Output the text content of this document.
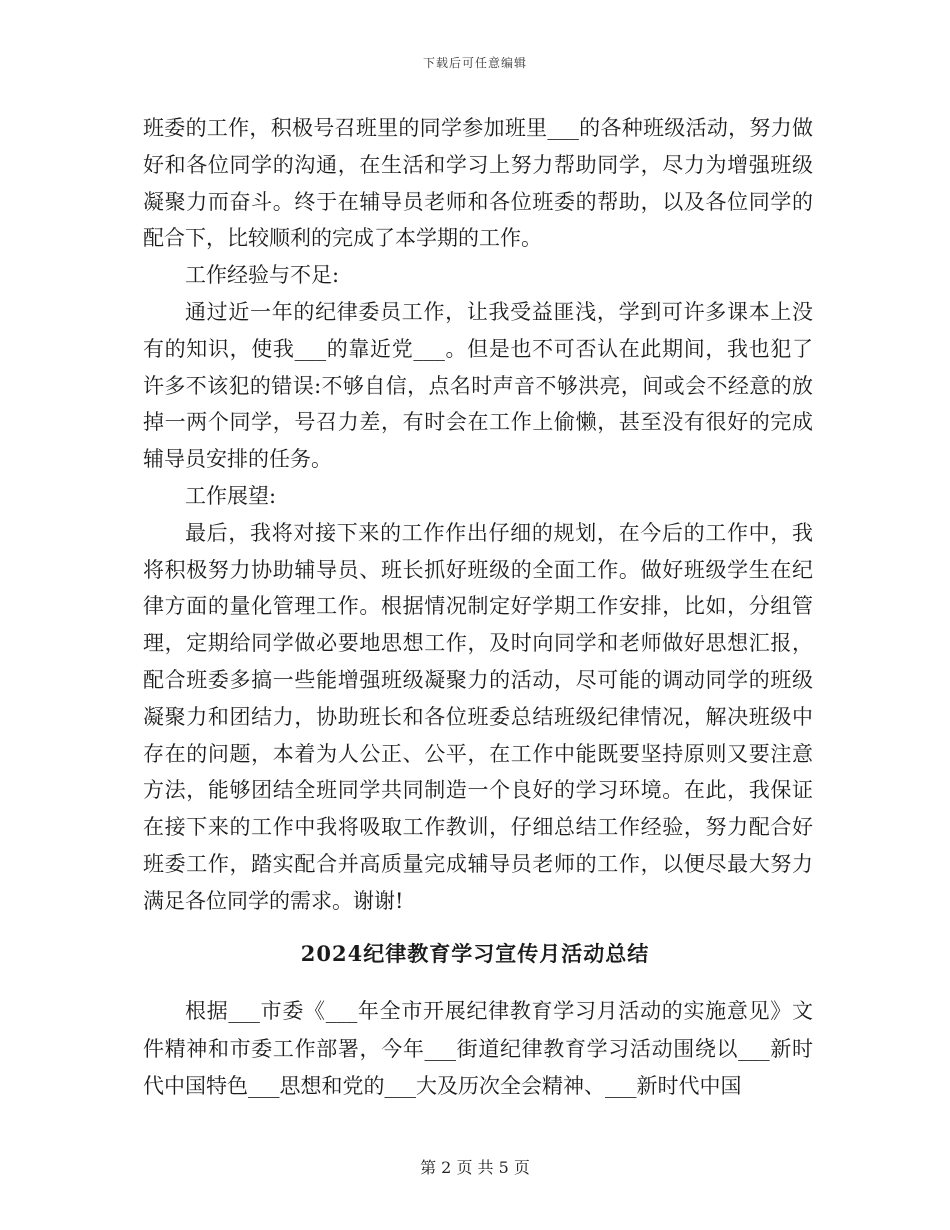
下载后可任意编辑

班委的工作，积极号召班里的同学参加班里___的各种班级活动，努力做好和各位同学的沟通，在生活和学习上努力帮助同学，尽力为增强班级凝聚力而奋斗。终于在辅导员老师和各位班委的帮助，以及各位同学的配合下，比较顺利的完成了本学期的工作。

工作经验与不足:

通过近一年的纪律委员工作，让我受益匪浅，学到可许多课本上没有的知识，使我___的靠近党___。但是也不可否认在此期间，我也犯了许多不该犯的错误:不够自信，点名时声音不够洪亮，间或会不经意的放掉一两个同学，号召力差，有时会在工作上偷懒，甚至没有很好的完成辅导员安排的任务。

工作展望:

最后，我将对接下来的工作作出仔细的规划，在今后的工作中，我将积极努力协助辅导员、班长抓好班级的全面工作。做好班级学生在纪律方面的量化管理工作。根据情况制定好学期工作安排，比如，分组管理，定期给同学做必要地思想工作，及时向同学和老师做好思想汇报，配合班委多搞一些能增强班级凝聚力的活动，尽可能的调动同学的班级凝聚力和团结力，协助班长和各位班委总结班级纪律情况，解决班级中存在的问题，本着为人公正、公平，在工作中能既要坚持原则又要注意方法，能够团结全班同学共同制造一个良好的学习环境。在此，我保证在接下来的工作中我将吸取工作教训，仔细总结工作经验，努力配合好班委工作，踏实配合并高质量完成辅导员老师的工作，以便尽最大努力满足各位同学的需求。谢谢!

2024纪律教育学习宣传月活动总结

根据___市委《___年全市开展纪律教育学习月活动的实施意见》文件精神和市委工作部署，今年___街道纪律教育学习活动围绕以___新时代中国特色___思想和党的___大及历次全会精神、___新时代中国

第 2 页 共 5 页
